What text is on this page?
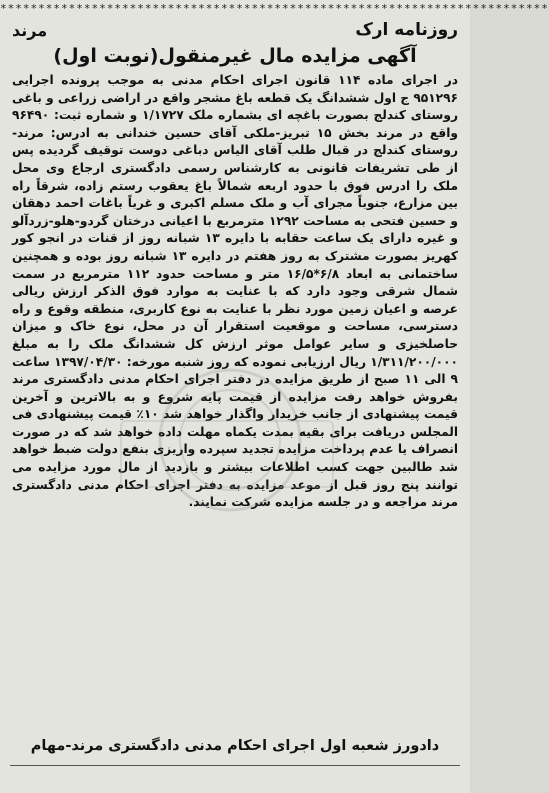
************************************************************************
روزنامه ارک
مرند
آگهی مزایده مال غیرمنقول(نوبت اول)
در اجرای ماده ۱۱۴ قانون اجرای احکام مدنی به موجب پرونده اجرایی ۹۵۱۲۹۶ ج اول ششدانگ یک قطعه باغ مشجر واقع در اراضی زراعی و باغی روستای کندلج بصورت باغچه ای بشماره ملک ۱/۱۷۲۷ و شماره ثبت: ۹۶۴۹۰ واقع در مرند بخش ۱۵ تبریز-ملکی آقای حسین خندانی به ادرس: مرند-روستای کندلج در قبال طلب آقای الیاس دباغی دوست توقیف گردیده پس از طی تشریفات قانونی به کارشناس رسمی دادگستری ارجاع وی محل ملک را ادرس فوق با حدود اربعه شمالاً باغ یعقوب رستم زاده، شرقاً راه بین مزارع، جنوباً مجرای آب و ملک مسلم اکبری و غرباً باغات احمد دهقان و حسین فتحی به مساحت ۱۲۹۲ مترمربع با اعیانی درختان گردو-هلو-زردآلو و غیره دارای یک ساعت حقابه با دایره ۱۳ شبانه روز از قنات در انجو کور کهریز بصورت مشترک به روز هفتم در دایره ۱۳ شبانه روز بوده و همچنین ساختمانی به ابعاد ۶/۸*۱۶/۵ متر و مساحت حدود ۱۱۲ مترمربع در سمت شمال شرقی وجود دارد که با عنایت به موارد فوق الذکر ارزش ریالی عرصه و اعیان زمین مورد نظر با عنایت به نوع کاربری، منطقه وقوع و راه دسترسی، مساحت و موقعیت استقرار آن در محل، نوع خاک و میزان حاصلخیزی و سایر عوامل موثر ارزش کل ششدانگ ملک را به مبلغ ۱/۳۱۱/۲۰۰/۰۰۰ ریال ارزیابی نموده که روز شنبه مورخه: ۱۳۹۷/۰۴/۳۰ ساعت ۹ الی ۱۱ صبح از طریق مزایده در دفتر اجرای احکام مدنی دادگستری مرند بفروش خواهد رفت مزایده از قیمت پایه شروع و به بالاترین و آخرین قیمت پیشنهادی از جانب خریدار واگذار خواهد شد ۱۰٪ قیمت پیشنهادی فی المجلس دریافت برای بقیه بمدت یکماه مهلت داده خواهد شد که در صورت انصراف یا عدم پرداخت مزایده تجدید سپرده واریزی بنفع دولت ضبط خواهد شد طالبین جهت کسب اطلاعات بیشتر و بازدید از مال مورد مزایده می توانند پنج روز قبل از موعد مزایده به دفتر اجرای احکام مدنی دادگستری مرند مراجعه و در جلسه مزایده شرکت نمایند.
دادورز شعبه اول اجرای احکام مدنی دادگستری مرند-مهام
